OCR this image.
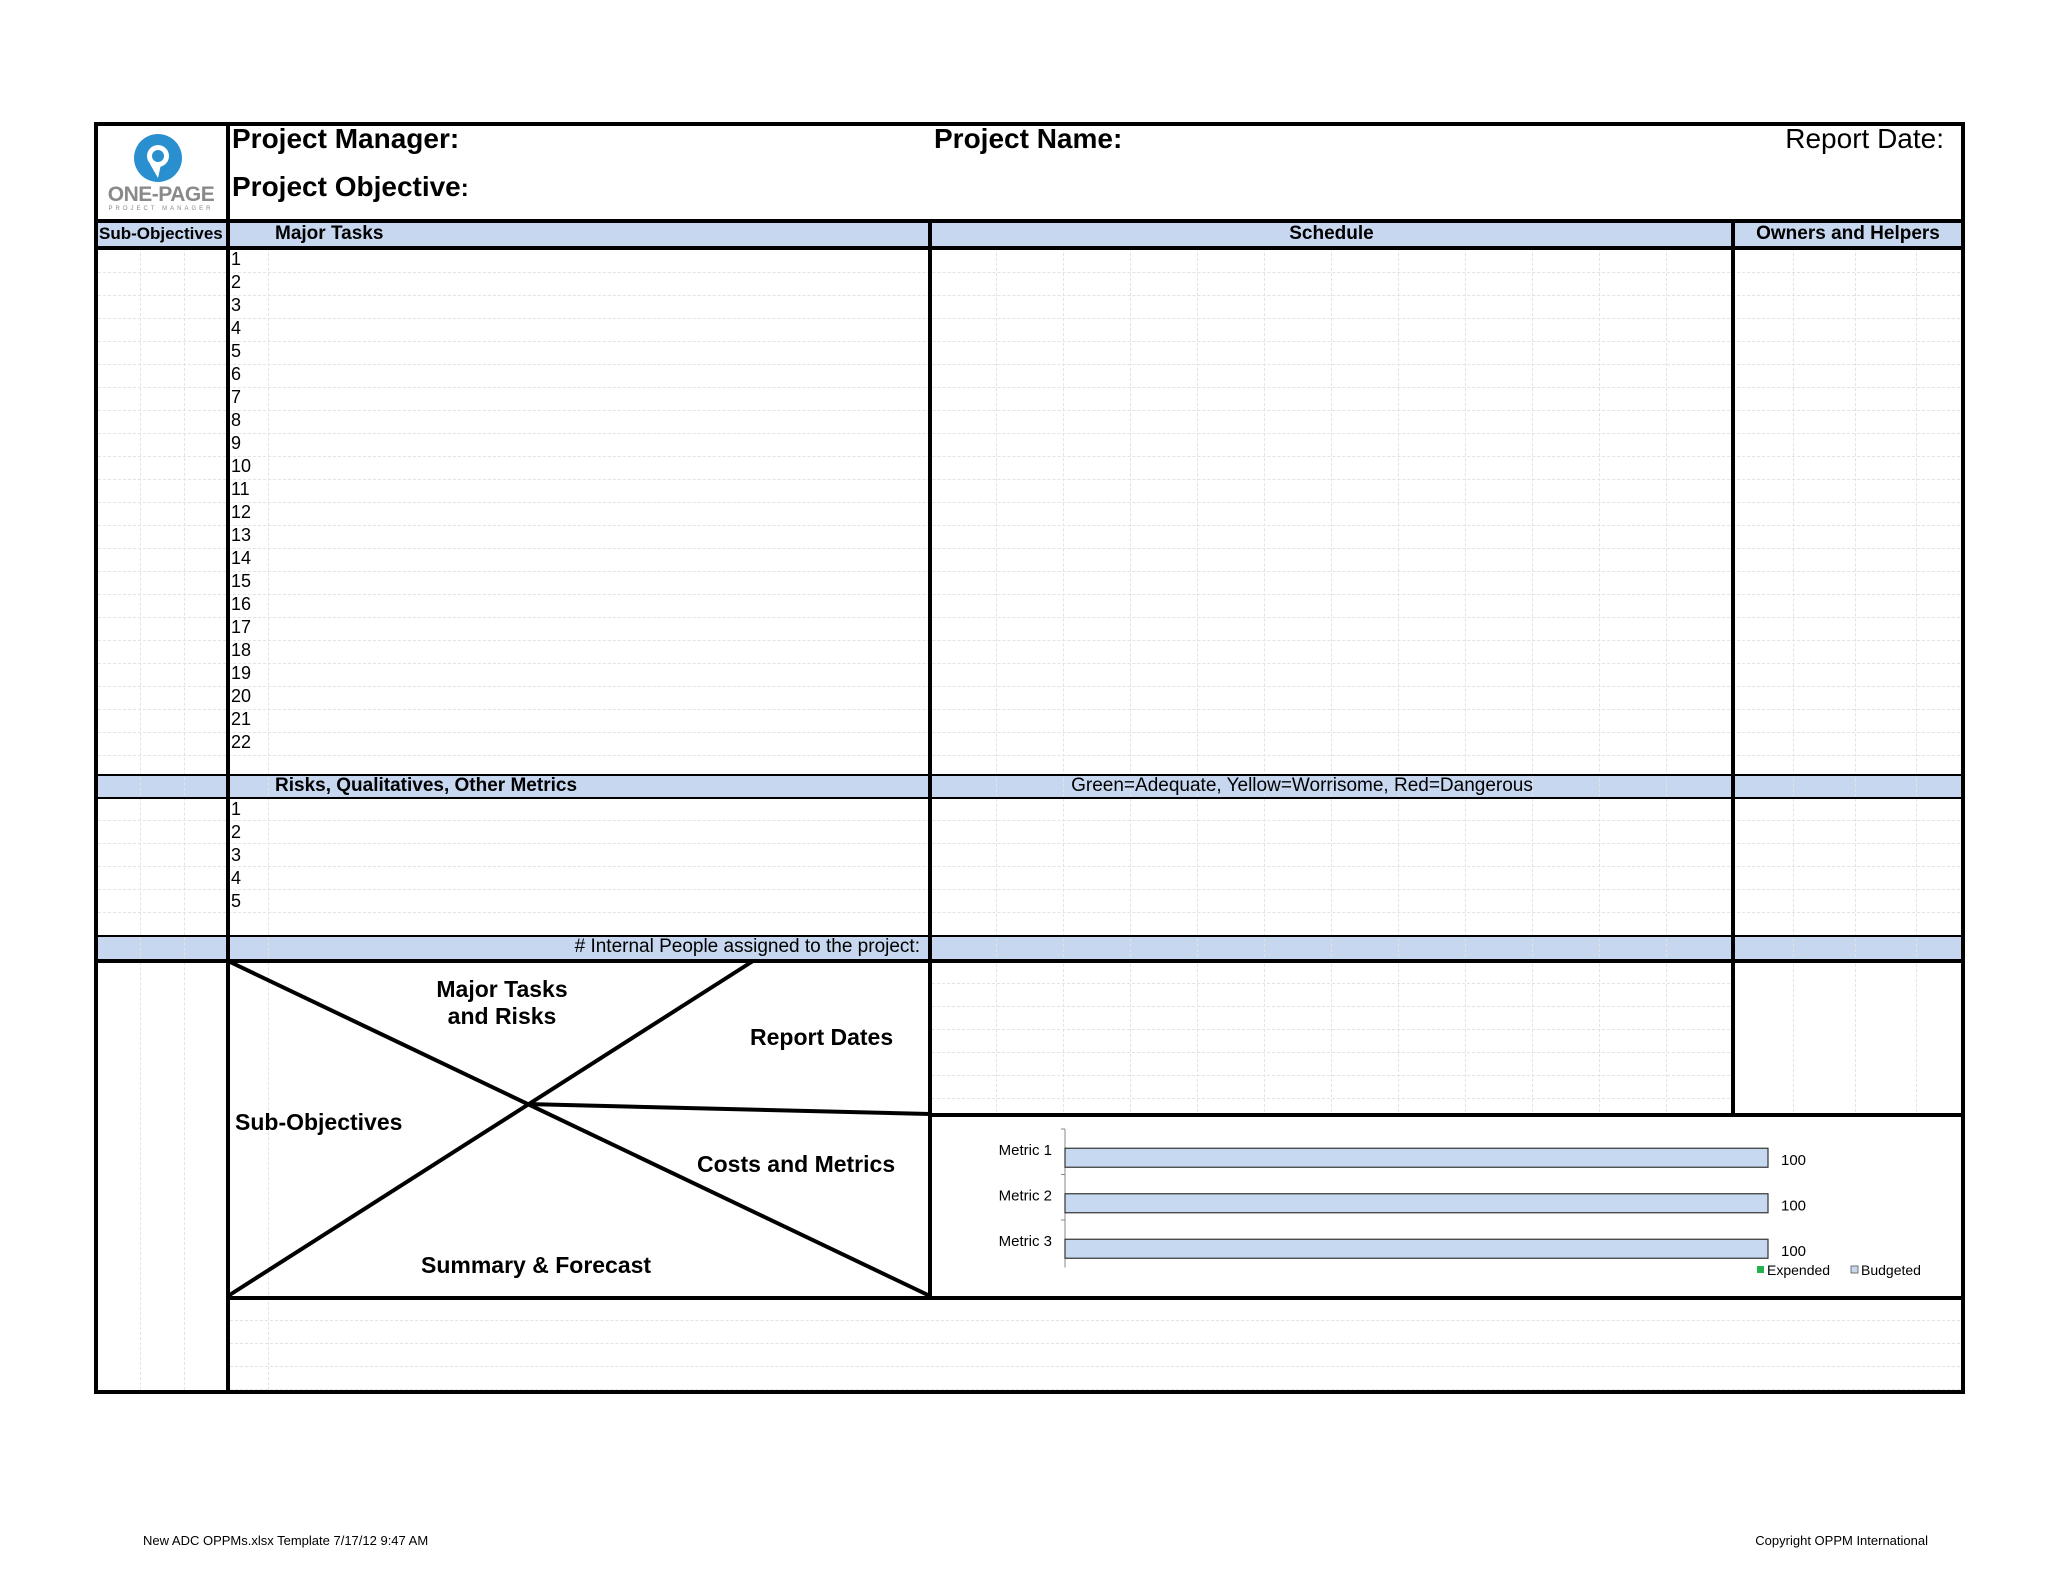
ONE-PAGE
PROJECT MANAGER
Project Manager:	Project Name:	Report Date:
Project Objective:
Sub-Objectives	Major Tasks	Schedule	Owners and Helpers
1
2
3
4
5
6
7
8
9
10
11
12
13
14
15
16
17
18
19
20
21
22
Risks, Qualitatives, Other Metrics	Green=Adequate, Yellow=Worrisome, Red=Dangerous
1
2
3
4
5
# Internal People assigned to the project:
Major Tasks
and Risks
Report Dates
Sub-Objectives
Costs and Metrics
Summary & Forecast
Metric 1
100
Metric 2
100
Metric 3
100
Expended Budgeted
New ADC OPPMs.xlsx Template 7/17/12 9:47 AM	Copyright OPPM International
